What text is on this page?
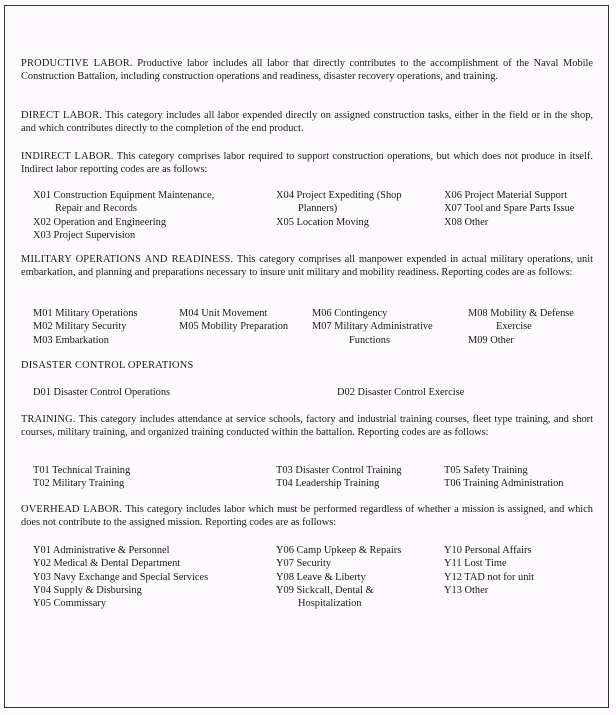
PRODUCTIVE LABOR. Productive labor includes all labor that directly contributes to the accomplishment of the Naval Mobile Construction Battalion, including construction operations and readiness, disaster recovery operations, and training.

DIRECT LABOR. This category includes all labor expended directly on assigned construction tasks, either in the field or in the shop, and which contributes directly to the completion of the end product.

INDIRECT LABOR. This category comprises labor required to support construction operations, but which does not produce in itself. Indirect labor reporting codes are as follows:

X01 Construction Equipment Maintenance,
Repair and Records
X02 Operation and Engineering
X03 Project Supervision
X04 Project Expediting (Shop
Planners)
X05 Location Moving
X06 Project Material Support
X07 Tool and Spare Parts Issue
X08 Other

MILITARY OPERATIONS AND READINESS. This category comprises all manpower expended in actual military operations, unit embarkation, and planning and preparations necessary to insure unit military and mobility readiness. Reporting codes are as follows:

M01 Military Operations
M02 Military Security
M03 Embarkation
M04 Unit Movement
M05 Mobility Preparation
M06 Contingency
M07 Military Administrative
Functions
M08 Mobility & Defense
Exercise
M09 Other
DISASTER CONTROL OPERATIONS
D01 Disaster Control Operations	D02 Disaster Control Exercise

TRAINING. This category includes attendance at service schools, factory and industrial training courses, fleet type training, and short courses, military training, and organized training conducted within the battalion. Reporting codes are as follows:

T01 Technical Training
T02 Military Training
T03 Disaster Control Training
T04 Leadership Training
T05 Safety Training
T06 Training Administration

OVERHEAD LABOR. This category includes labor which must be performed regardless of whether a mission is assigned, and which does not contribute to the assigned mission. Reporting codes are as follows:

Y01 Administrative & Personnel
Y02 Medical & Dental Department
Y03 Navy Exchange and Special Services
Y04 Supply & Disbursing
Y05 Commissary
Y06 Camp Upkeep & Repairs
Y07 Security
Y08 Leave & Liberty
Y09 Sickcall, Dental &
Hospitalization
Y10 Personal Affairs
Y11 Lost Time
Y12 TAD not for unit
Y13 Other
